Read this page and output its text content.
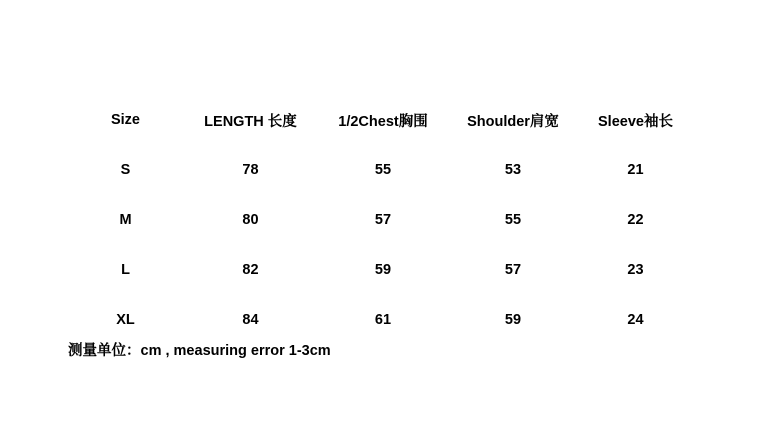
Size	LENGTH 长度	1/2Chest胸围	Shoulder肩宽	Sleeve袖长
S	78	55	53	21
M	80	57	55	22
L	82	59	57	23
XL	84	61	59	24
测量单位：cm , measuring error 1-3cm
